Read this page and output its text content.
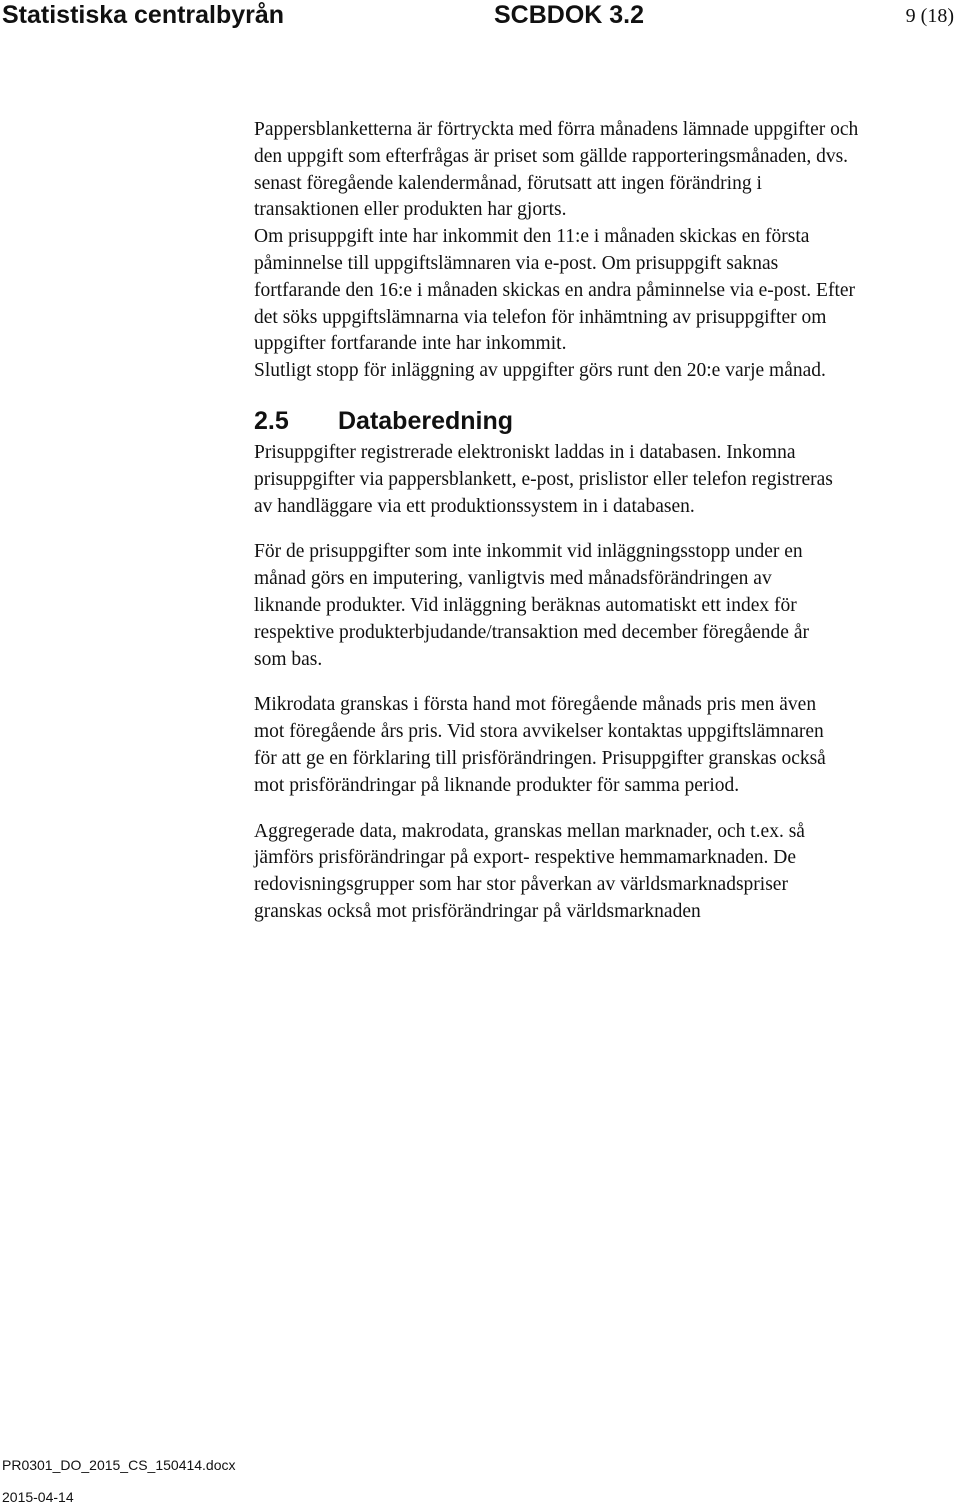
Statistiska centralbyrån	SCBDOK 3.2	9 (18)

Pappersblanketterna är förtryckta med förra månadens lämnade uppgifter och
den uppgift som efterfrågas är priset som gällde rapporteringsmånaden, dvs.
senast föregående kalendermånad, förutsatt att ingen förändring i
transaktionen eller produkten har gjorts.
Om prisuppgift inte har inkommit den 11:e i månaden skickas en första
påminnelse till uppgiftslämnaren via e-post. Om prisuppgift saknas
fortfarande den 16:e i månaden skickas en andra påminnelse via e-post. Efter
det söks uppgiftslämnarna via telefon för inhämtning av prisuppgifter om
uppgifter fortfarande inte har inkommit.
Slutligt stopp för inläggning av uppgifter görs runt den 20:e varje månad.

2.5 Databeredning

Prisuppgifter registrerade elektroniskt laddas in i databasen. Inkomna
prisuppgifter via pappersblankett, e-post, prislistor eller telefon registreras
av handläggare via ett produktionssystem in i databasen.

För de prisuppgifter som inte inkommit vid inläggningsstopp under en
månad görs en imputering, vanligtvis med månadsförändringen av
liknande produkter. Vid inläggning beräknas automatiskt ett index för
respektive produkterbjudande/transaktion med december föregående år
som bas.

Mikrodata granskas i första hand mot föregående månads pris men även
mot föregående års pris. Vid stora avvikelser kontaktas uppgiftslämnaren
för att ge en förklaring till prisförändringen. Prisuppgifter granskas också
mot prisförändringar på liknande produkter för samma period.

Aggregerade data, makrodata, granskas mellan marknader, och t.ex. så
jämförs prisförändringar på export- respektive hemmamarknaden. De
redovisningsgrupper som har stor påverkan av världsmarknadspriser
granskas också mot prisförändringar på världsmarknaden

PR0301_DO_2015_CS_150414.docx
2015-04-14
